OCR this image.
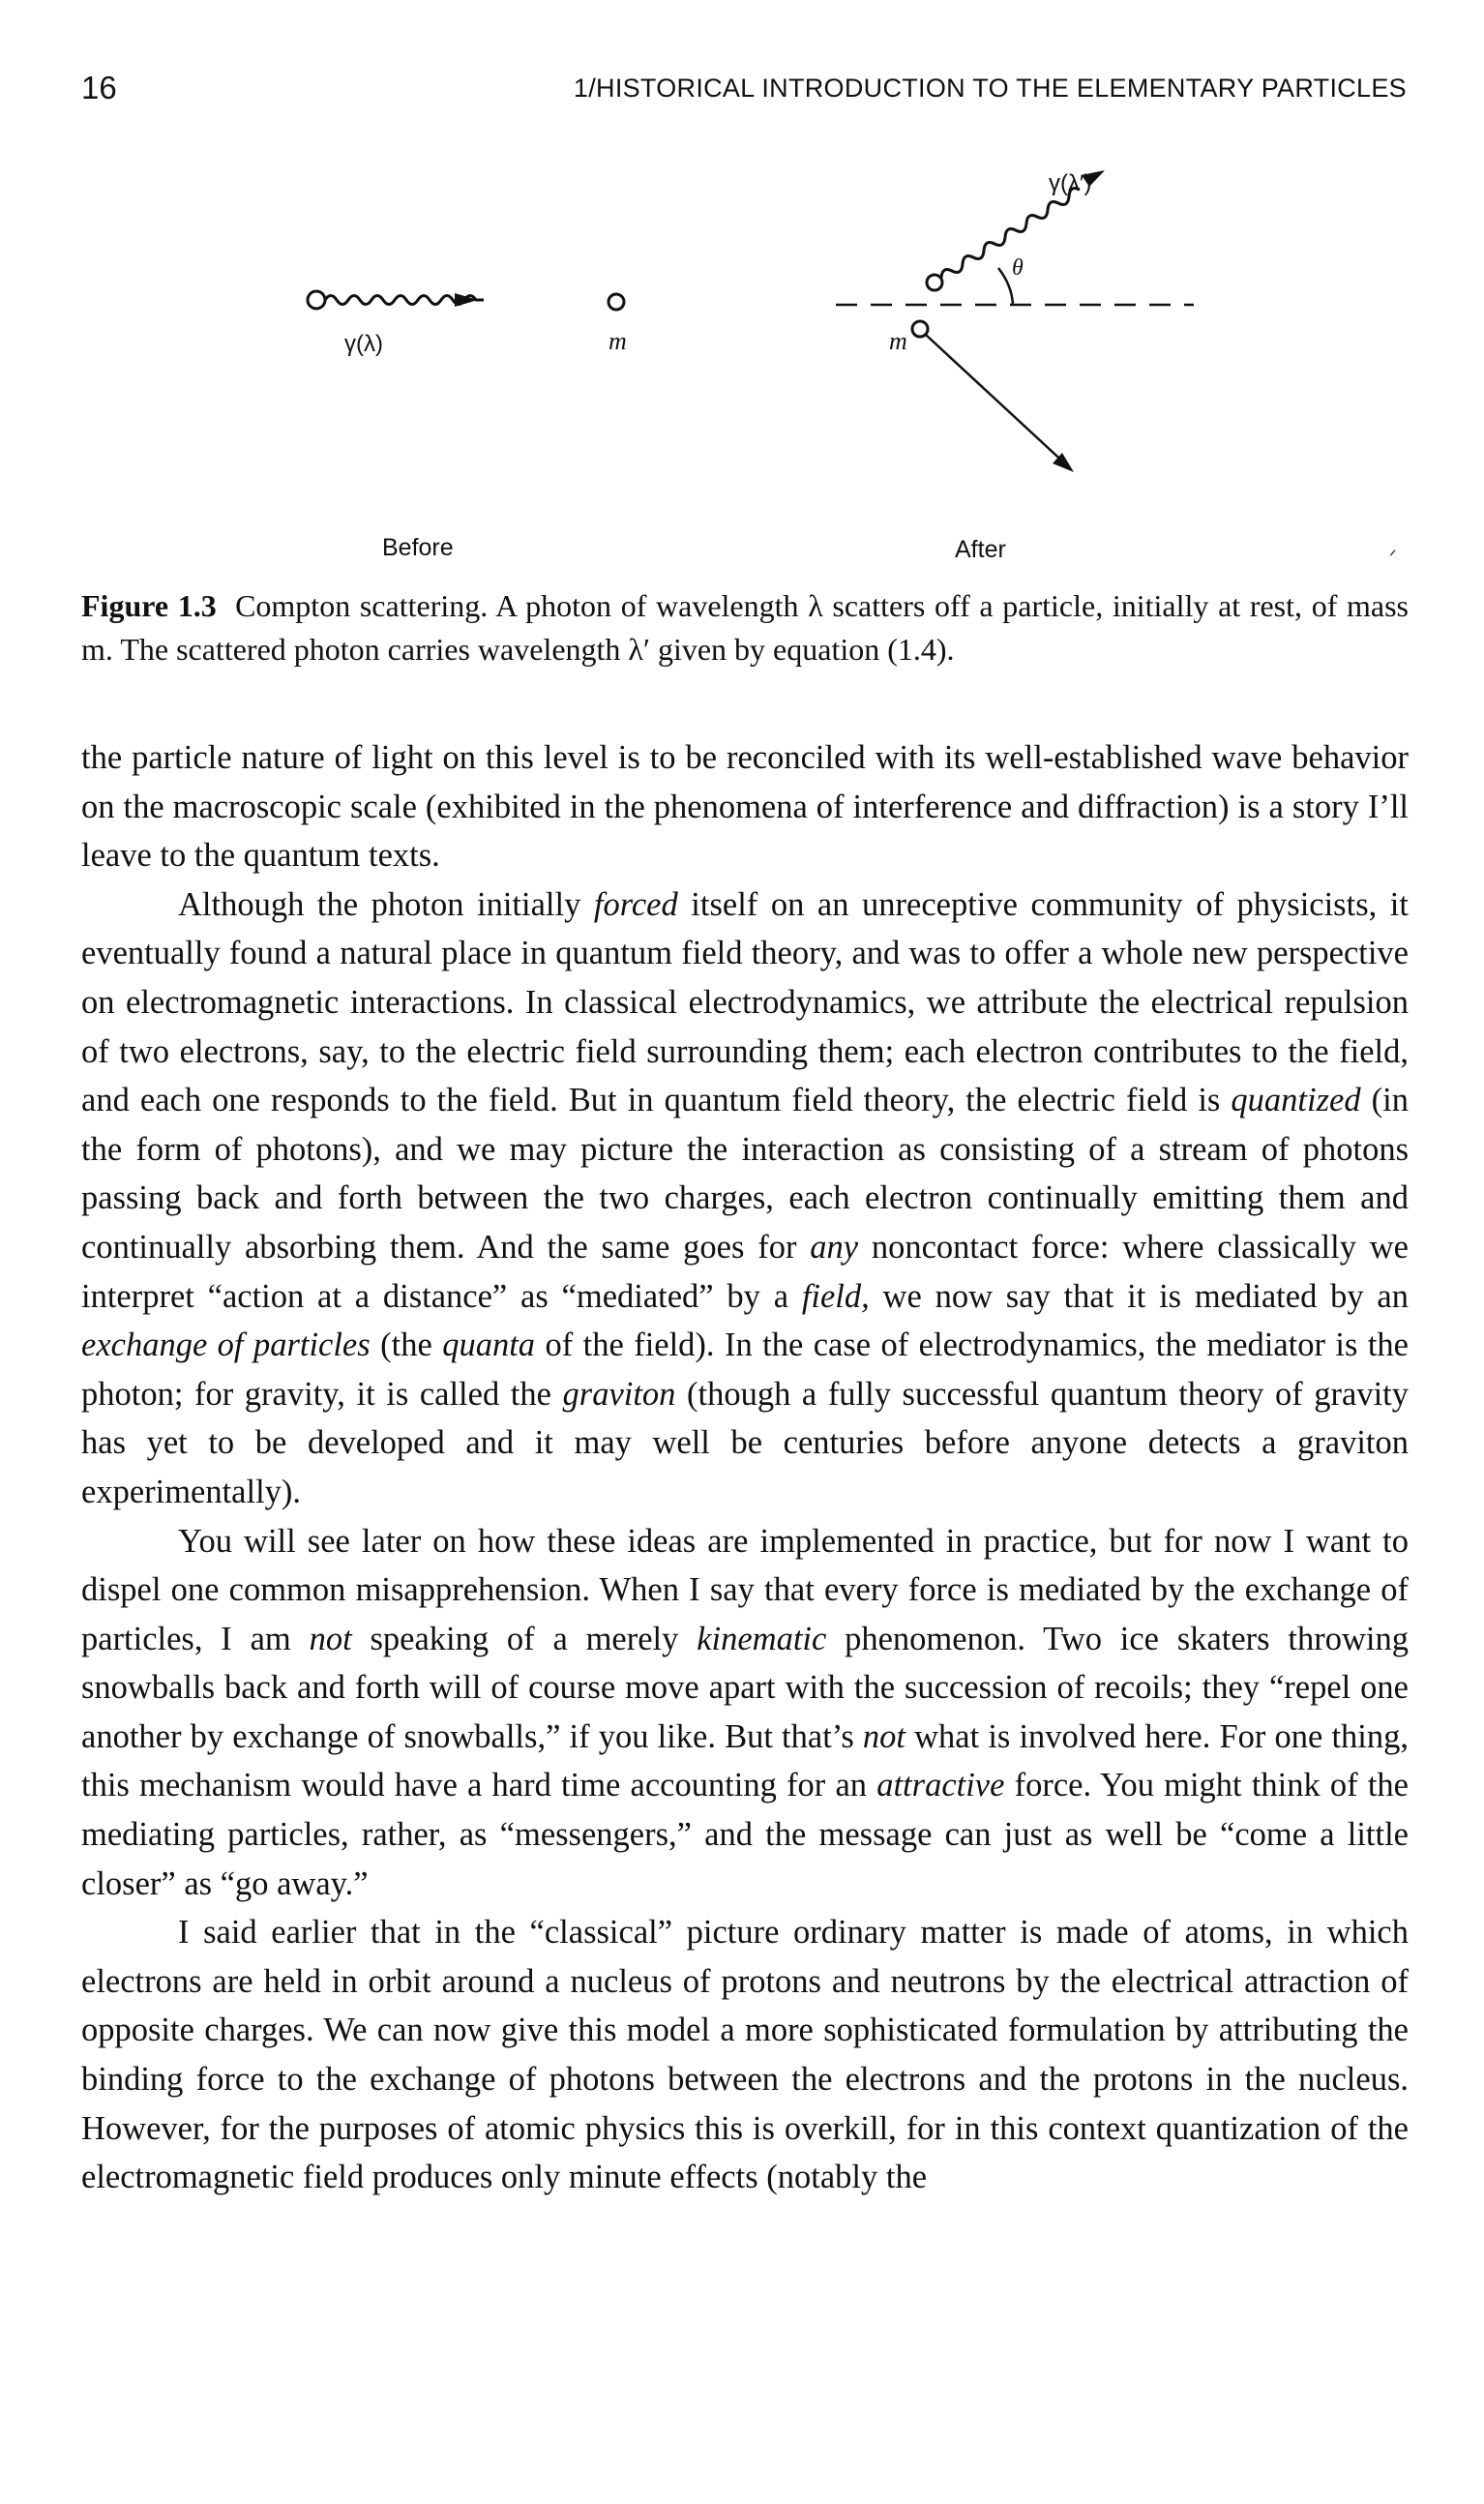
16	1/HISTORICAL INTRODUCTION TO THE ELEMENTARY PARTICLES
γ(λ)	m
Before
γ(λ′)
θ
m
After	ᐟ
Figure 1.3 Compton scattering. A photon of wavelength λ scatters off a particle, initially at rest, of mass m. The scattered photon carries wavelength λ′ given by equation (1.4).

the particle nature of light on this level is to be reconciled with its well-established wave behavior on the macroscopic scale (exhibited in the phenomena of interference and diffraction) is a story I’ll leave to the quantum texts.

Although the photon initially forced itself on an unreceptive community of physicists, it eventually found a natural place in quantum field theory, and was to offer a whole new perspective on electromagnetic interactions. In classical electrodynamics, we attribute the electrical repulsion of two electrons, say, to the electric field surrounding them; each electron contributes to the field, and each one responds to the field. But in quantum field theory, the electric field is quantized (in the form of photons), and we may picture the interaction as consisting of a stream of photons passing back and forth between the two charges, each electron continually emitting them and continually absorbing them. And the same goes for any noncontact force: where classically we interpret “action at a distance” as “mediated” by a field, we now say that it is mediated by an exchange of particles (the quanta of the field). In the case of electrodynamics, the mediator is the photon; for gravity, it is called the graviton (though a fully successful quantum theory of gravity has yet to be developed and it may well be centuries before anyone detects a graviton experimentally).

You will see later on how these ideas are implemented in practice, but for now I want to dispel one common misapprehension. When I say that every force is mediated by the exchange of particles, I am not speaking of a merely kinematic phenomenon. Two ice skaters throwing snowballs back and forth will of course move apart with the succession of recoils; they “repel one another by exchange of snowballs,” if you like. But that’s not what is involved here. For one thing, this mechanism would have a hard time accounting for an attractive force. You might think of the mediating particles, rather, as “messengers,” and the message can just as well be “come a little closer” as “go away.”

I said earlier that in the “classical” picture ordinary matter is made of atoms, in which electrons are held in orbit around a nucleus of protons and neutrons by the electrical attraction of opposite charges. We can now give this model a more sophisticated formulation by attributing the binding force to the exchange of photons between the electrons and the protons in the nucleus. However, for the purposes of atomic physics this is overkill, for in this context quantization of the electromagnetic field produces only minute effects (notably the
